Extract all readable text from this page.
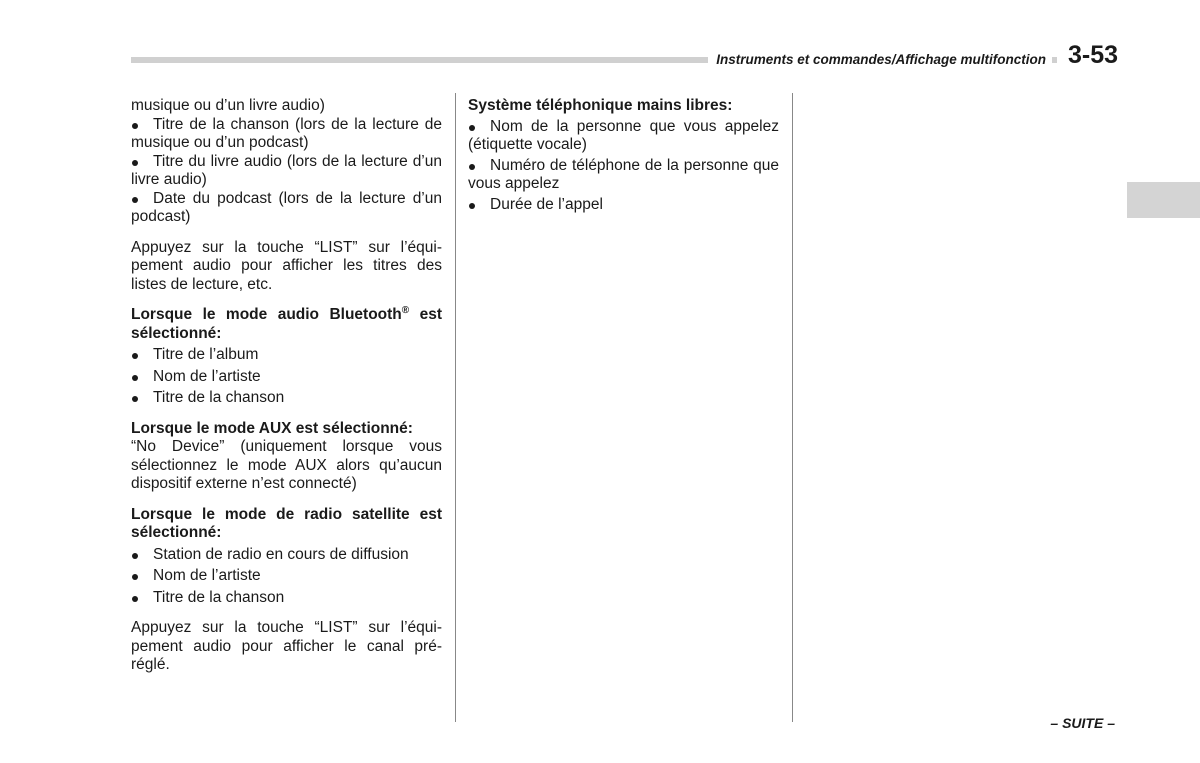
Instruments et commandes/Affichage multifonction 3-53

musique ou d’un livre audio)

Titre de la chanson (lors de la lecture de musique ou d’un podcast)

Titre du livre audio (lors de la lecture d’un livre audio)

Date du podcast (lors de la lecture d’un podcast)

Appuyez sur la touche “LIST” sur l’équi- pement audio pour afficher les titres des listes de lecture, etc.

Lorsque le mode audio Bluetooth® est sélectionné:

Titre de l’album

Nom de l’artiste

Titre de la chanson

Lorsque le mode AUX est sélectionné:

“No Device” (uniquement lorsque vous sélectionnez le mode AUX alors qu’aucun dispositif externe n’est connecté)

Lorsque le mode de radio satellite est sélectionné:

Station de radio en cours de diffusion

Nom de l’artiste

Titre de la chanson

Appuyez sur la touche “LIST” sur l’équi- pement audio pour afficher le canal pré- réglé.

Système téléphonique mains libres:

Nom de la personne que vous appelez (étiquette vocale)

Numéro de téléphone de la personne que vous appelez

Durée de l’appel

– SUITE –
